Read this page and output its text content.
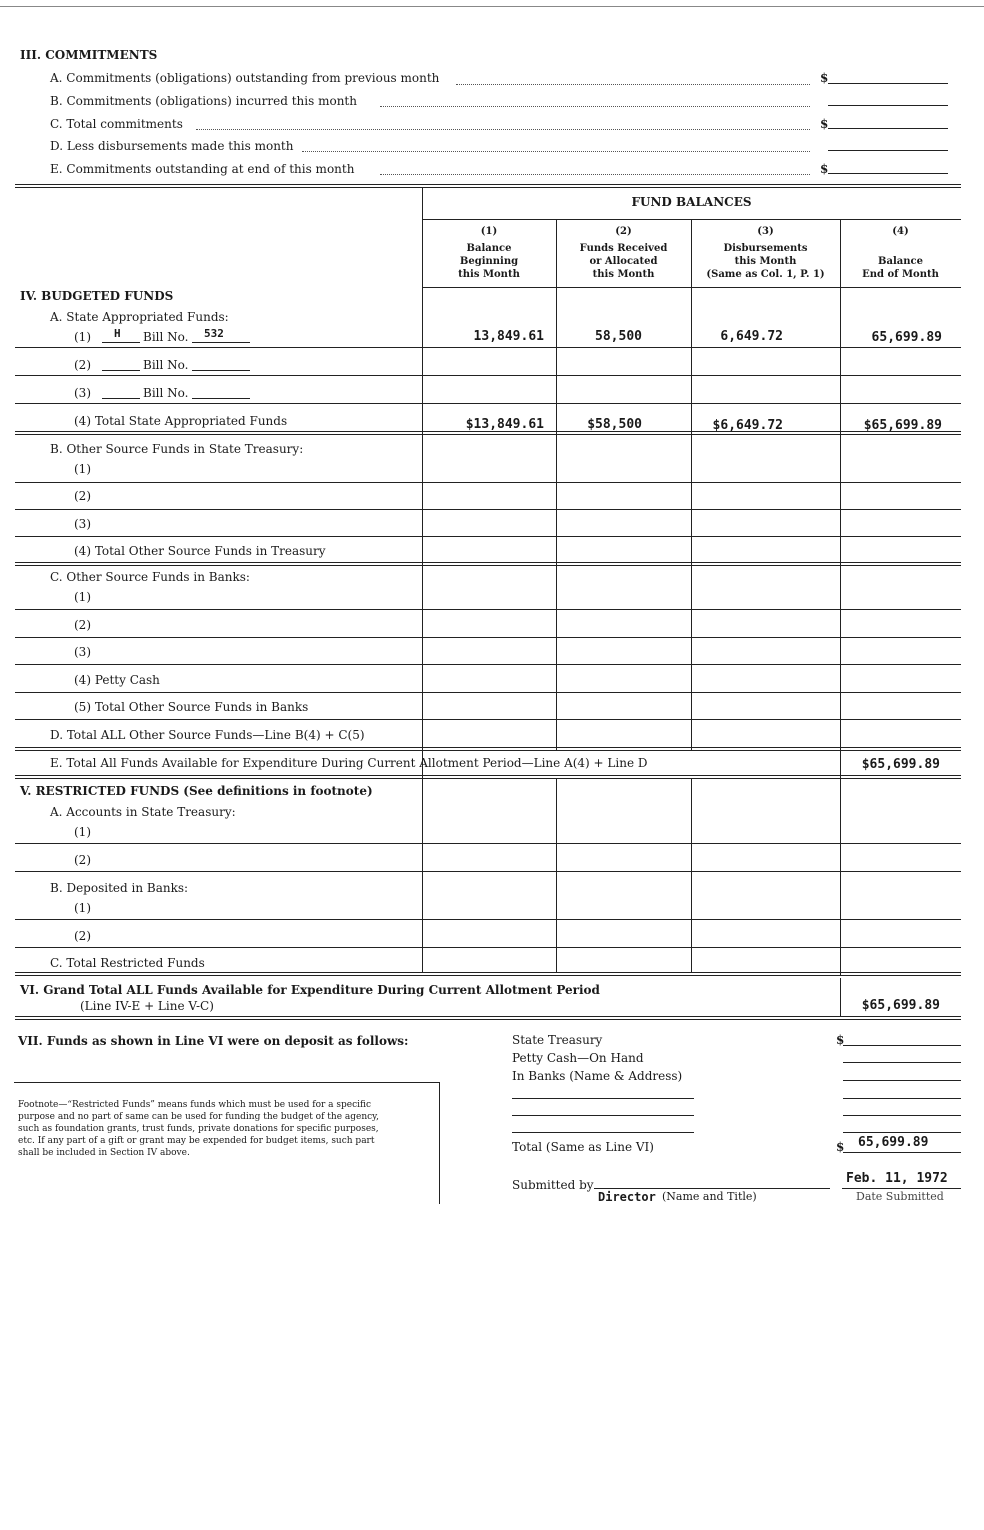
III. COMMITMENTS
A. Commitments (obligations) outstanding from previous month	$
B. Commitments (obligations) incurred this month
C. Total commitments	$
D. Less disbursements made this month
E. Commitments outstanding at end of this month	$
FUND BALANCES
(1)
Balance
Beginning
this Month
(2)
Funds Received
or Allocated
this Month
(3)
Disbursements
this Month
(Same as Col. 1, P. 1)
(4)
Balance
End of Month
IV. BUDGETED FUNDS
A. State Appropriated Funds:
(1) H Bill No. 532	13,849.61	58,500	6,649.72	65,699.89
(2)	Bill No.
(3)	Bill No.
(4) Total State Appropriated Funds	$13,849.61	$58,500	$6,649.72	$65,699.89
B. Other Source Funds in State Treasury:
(1)
(2)
(3)
(4) Total Other Source Funds in Treasury
C. Other Source Funds in Banks:
(1)
(2)
(3)
(4) Petty Cash
(5) Total Other Source Funds in Banks
D. Total ALL Other Source Funds—Line B(4) + C(5)
E. Total All Funds Available for Expenditure During Current Allotment Period—Line A(4) + Line D	$65,699.89
V. RESTRICTED FUNDS (See definitions in footnote)
A. Accounts in State Treasury:
(1)
(2)
B. Deposited in Banks:
(1)
(2)
C. Total Restricted Funds
VI. Grand Total ALL Funds Available for Expenditure During Current Allotment Period
(Line IV-E + Line V-C)	$65,699.89
VII. Funds as shown in Line VI were on deposit as follows:	State Treasury	$
Petty Cash—On Hand
In Banks (Name & Address)
Total (Same as Line VI)	$ 65,699.89
Footnote—“Restricted Funds” means funds which must be used for a specific
purpose and no part of same can be used for funding the budget of the agency,
such as foundation grants, trust funds, private donations for specific purposes,
etc. If any part of a gift or grant may be expended for budget items, such part
shall be included in Section IV above.
Submitted by
Director (Name and Title)
Feb. 11, 1972
Date Submitted
